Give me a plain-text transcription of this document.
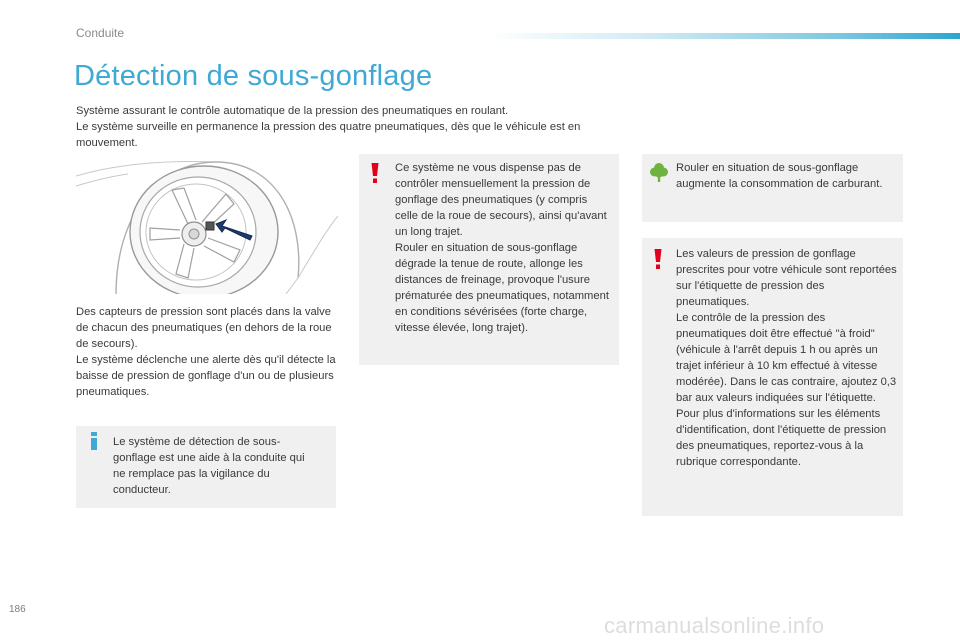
Conduite
Détection de sous-gonflage

Système assurant le contrôle automatique de la pression des pneumatiques en roulant.

Le système surveille en permanence la pression des quatre pneumatiques, dès que le véhicule est en mouvement.

Des capteurs de pression sont placés dans la valve de chacun des pneumatiques (en dehors de la roue de secours).

Le système déclenche une alerte dès qu'il détecte la baisse de pression de gonflage d'un ou de plusieurs pneumatiques.

Le système de détection de sous-gonflage est une aide à la conduite qui ne remplace pas la vigilance du conducteur.

Ce système ne vous dispense pas de contrôler mensuellement la pression de gonflage des pneumatiques (y compris celle de la roue de secours), ainsi qu'avant un long trajet.

Rouler en situation de sous-gonflage dégrade la tenue de route, allonge les distances de freinage, provoque l'usure prématurée des pneumatiques, notamment en conditions sévérisées (forte charge, vitesse élevée, long trajet).

Rouler en situation de sous-gonflage augmente la consommation de carburant.

Les valeurs de pression de gonflage prescrites pour votre véhicule sont reportées sur l'étiquette de pression des pneumatiques.

Le contrôle de la pression des pneumatiques doit être effectué "à froid" (véhicule à l'arrêt depuis 1 h ou après un trajet inférieur à 10 km effectué à vitesse modérée). Dans le cas contraire, ajoutez 0,3 bar aux valeurs indiquées sur l'étiquette.

Pour plus d'informations sur les éléments d'identification, dont l'étiquette de pression des pneumatiques, reportez-vous à la rubrique correspondante.

186
carmanualsonline.info
